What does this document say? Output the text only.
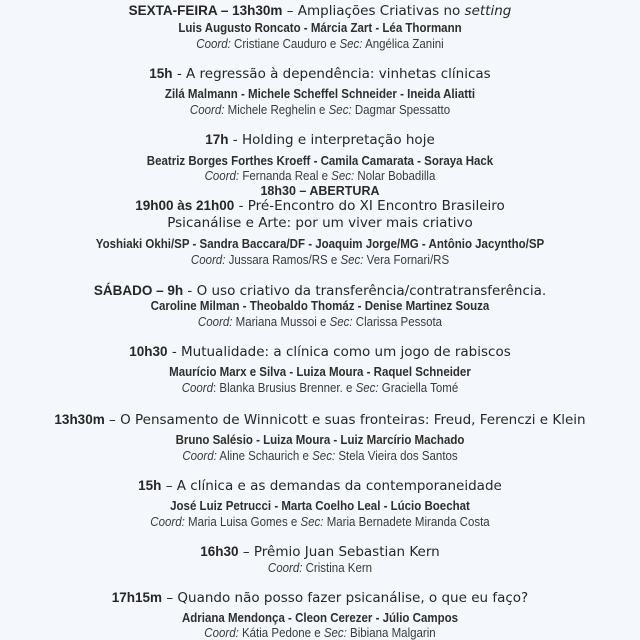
SEXTA-FEIRA – 13h30m – Ampliações Criativas no setting
Luis Augusto Roncato - Márcia Zart - Léa Thormann
Coord: Cristiane Cauduro e Sec: Angélica Zanini
15h - A regressão à dependência: vinhetas clínicas
Zilá Malmann - Michele Scheffel Schneider - Ineida Aliatti
Coord: Michele Reghelin e Sec: Dagmar Spessatto
17h - Holding e interpretação hoje
Beatriz Borges Forthes Kroeff - Camila Camarata - Soraya Hack
Coord: Fernanda Real e Sec: Nolar Bobadilla
18h30 – ABERTURA
19h00 às 21h00 - Pré-Encontro do XI Encontro Brasileiro
Psicanálise e Arte: por um viver mais criativo
Yoshiaki Okhi/SP - Sandra Baccara/DF - Joaquim Jorge/MG - Antônio Jacyntho/SP
Coord: Jussara Ramos/RS e Sec: Vera Fornari/RS
SÁBADO – 9h - O uso criativo da transferência/contratransferência.
Caroline Milman - Theobaldo Thomáz - Denise Martinez Souza
Coord: Mariana Mussoi e Sec: Clarissa Pessota
10h30 - Mutualidade: a clínica como um jogo de rabiscos
Maurício Marx e Silva - Luiza Moura - Raquel Schneider
Coord: Blanka Brusius Brenner. e Sec: Graciella Tomé
13h30m – O Pensamento de Winnicott e suas fronteiras: Freud, Ferenczi e Klein
Bruno Salésio - Luiza Moura - Luiz Marcírio Machado
Coord: Aline Schaurich e Sec: Stela Vieira dos Santos
15h – A clínica e as demandas da contemporaneidade
José Luiz Petrucci - Marta Coelho Leal - Lúcio Boechat
Coord: Maria Luisa Gomes e Sec: Maria Bernadete Miranda Costa
16h30 – Prêmio Juan Sebastian Kern
Coord: Cristina Kern
17h15m – Quando não posso fazer psicanálise, o que eu faço?
Adriana Mendonça - Cleon Cerezer - Júlio Campos
Coord: Kátia Pedone e Sec: Bibiana Malgarin
